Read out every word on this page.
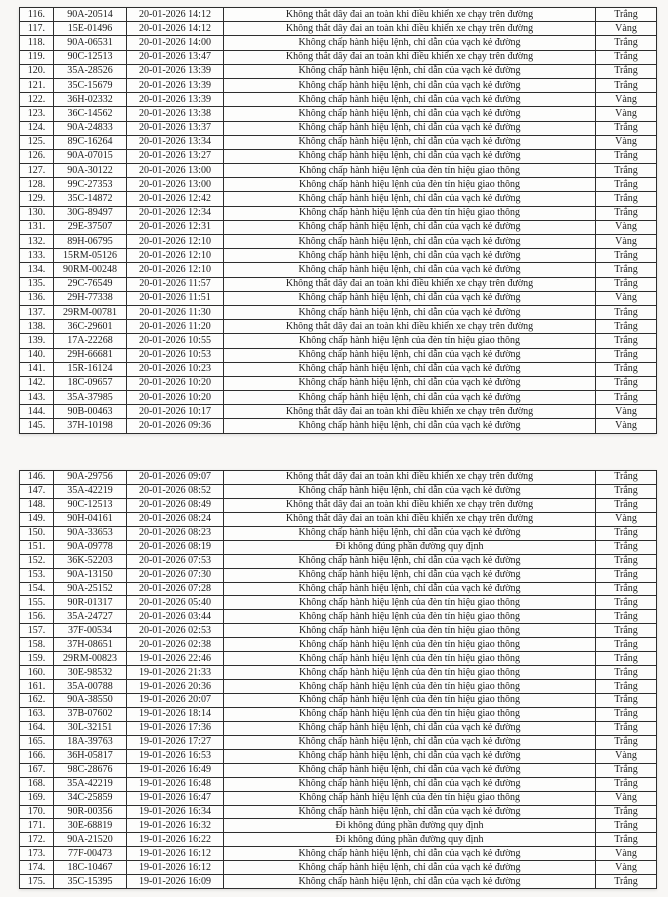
116.	90A-20514	20-01-2026 14:12	Không thắt dây đai an toàn khi điều khiển xe chạy trên đường	Trắng
117.	15E-01496	20-01-2026 14:12	Không thắt dây đai an toàn khi điều khiển xe chạy trên đường	Vàng
118.	90A-06531	20-01-2026 14:00	Không chấp hành hiệu lệnh, chỉ dẫn của vạch kẻ đường	Trắng
119.	90C-12513	20-01-2026 13:47	Không thắt dây đai an toàn khi điều khiển xe chạy trên đường	Trắng
120.	35A-28526	20-01-2026 13:39	Không chấp hành hiệu lệnh, chỉ dẫn của vạch kẻ đường	Trắng
121.	35C-15679	20-01-2026 13:39	Không chấp hành hiệu lệnh, chỉ dẫn của vạch kẻ đường	Trắng
122.	36H-02332	20-01-2026 13:39	Không chấp hành hiệu lệnh, chỉ dẫn của vạch kẻ đường	Vàng
123.	36C-14562	20-01-2026 13:38	Không chấp hành hiệu lệnh, chỉ dẫn của vạch kẻ đường	Vàng
124.	90A-24833	20-01-2026 13:37	Không chấp hành hiệu lệnh, chỉ dẫn của vạch kẻ đường	Trắng
125.	89C-16264	20-01-2026 13:34	Không chấp hành hiệu lệnh, chỉ dẫn của vạch kẻ đường	Vàng
126.	90A-07015	20-01-2026 13:27	Không chấp hành hiệu lệnh, chỉ dẫn của vạch kẻ đường	Trắng
127.	90A-30122	20-01-2026 13:00	Không chấp hành hiệu lệnh của đèn tín hiệu giao thông	Trắng
128.	99C-27353	20-01-2026 13:00	Không chấp hành hiệu lệnh của đèn tín hiệu giao thông	Trắng
129.	35C-14872	20-01-2026 12:42	Không chấp hành hiệu lệnh, chỉ dẫn của vạch kẻ đường	Trắng
130.	30G-89497	20-01-2026 12:34	Không chấp hành hiệu lệnh của đèn tín hiệu giao thông	Trắng
131.	29E-37507	20-01-2026 12:31	Không chấp hành hiệu lệnh, chỉ dẫn của vạch kẻ đường	Vàng
132.	89H-06795	20-01-2026 12:10	Không chấp hành hiệu lệnh, chỉ dẫn của vạch kẻ đường	Vàng
133.	15RM-05126	20-01-2026 12:10	Không chấp hành hiệu lệnh, chỉ dẫn của vạch kẻ đường	Trắng
134.	90RM-00248	20-01-2026 12:10	Không chấp hành hiệu lệnh, chỉ dẫn của vạch kẻ đường	Trắng
135.	29C-76549	20-01-2026 11:57	Không thắt dây đai an toàn khi điều khiển xe chạy trên đường	Trắng
136.	29H-77338	20-01-2026 11:51	Không chấp hành hiệu lệnh, chỉ dẫn của vạch kẻ đường	Vàng
137.	29RM-00781	20-01-2026 11:30	Không chấp hành hiệu lệnh, chỉ dẫn của vạch kẻ đường	Trắng
138.	36C-29601	20-01-2026 11:20	Không thắt dây đai an toàn khi điều khiển xe chạy trên đường	Trắng
139.	17A-22268	20-01-2026 10:55	Không chấp hành hiệu lệnh của đèn tín hiệu giao thông	Trắng
140.	29H-66681	20-01-2026 10:53	Không chấp hành hiệu lệnh, chỉ dẫn của vạch kẻ đường	Trắng
141.	15R-16124	20-01-2026 10:23	Không chấp hành hiệu lệnh, chỉ dẫn của vạch kẻ đường	Trắng
142.	18C-09657	20-01-2026 10:20	Không chấp hành hiệu lệnh, chỉ dẫn của vạch kẻ đường	Trắng
143.	35A-37985	20-01-2026 10:20	Không chấp hành hiệu lệnh, chỉ dẫn của vạch kẻ đường	Trắng
144.	90B-00463	20-01-2026 10:17	Không thắt dây đai an toàn khi điều khiển xe chạy trên đường	Vàng
145.	37H-10198	20-01-2026 09:36	Không chấp hành hiệu lệnh, chỉ dẫn của vạch kẻ đường	Vàng
146.	90A-29756	20-01-2026 09:07	Không thắt dây đai an toàn khi điều khiển xe chạy trên đường	Trắng
147.	35A-42219	20-01-2026 08:52	Không chấp hành hiệu lệnh, chỉ dẫn của vạch kẻ đường	Trắng
148.	90C-12513	20-01-2026 08:49	Không thắt dây đai an toàn khi điều khiển xe chạy trên đường	Trắng
149.	90H-04161	20-01-2026 08:24	Không thắt dây đai an toàn khi điều khiển xe chạy trên đường	Vàng
150.	90A-33653	20-01-2026 08:23	Không chấp hành hiệu lệnh, chỉ dẫn của vạch kẻ đường	Trắng
151.	90A-09778	20-01-2026 08:19	Đi không đúng phần đường quy định	Trắng
152.	36K-52203	20-01-2026 07:53	Không chấp hành hiệu lệnh, chỉ dẫn của vạch kẻ đường	Trắng
153.	90A-13150	20-01-2026 07:30	Không chấp hành hiệu lệnh, chỉ dẫn của vạch kẻ đường	Trắng
154.	90A-25152	20-01-2026 07:28	Không chấp hành hiệu lệnh, chỉ dẫn của vạch kẻ đường	Trắng
155.	90R-01317	20-01-2026 05:40	Không chấp hành hiệu lệnh của đèn tín hiệu giao thông	Trắng
156.	35A-24727	20-01-2026 03:44	Không chấp hành hiệu lệnh của đèn tín hiệu giao thông	Trắng
157.	37F-00534	20-01-2026 02:53	Không chấp hành hiệu lệnh của đèn tín hiệu giao thông	Trắng
158.	37H-08651	20-01-2026 02:38	Không chấp hành hiệu lệnh của đèn tín hiệu giao thông	Trắng
159.	29RM-00823	19-01-2026 22:46	Không chấp hành hiệu lệnh của đèn tín hiệu giao thông	Trắng
160.	30E-98532	19-01-2026 21:33	Không chấp hành hiệu lệnh của đèn tín hiệu giao thông	Trắng
161.	35A-00788	19-01-2026 20:36	Không chấp hành hiệu lệnh của đèn tín hiệu giao thông	Trắng
162.	90A-38550	19-01-2026 20:07	Không chấp hành hiệu lệnh của đèn tín hiệu giao thông	Trắng
163.	37B-07602	19-01-2026 18:14	Không chấp hành hiệu lệnh của đèn tín hiệu giao thông	Trắng
164.	30L-32151	19-01-2026 17:36	Không chấp hành hiệu lệnh, chỉ dẫn của vạch kẻ đường	Trắng
165.	18A-39763	19-01-2026 17:27	Không chấp hành hiệu lệnh, chỉ dẫn của vạch kẻ đường	Trắng
166.	36H-05817	19-01-2026 16:53	Không chấp hành hiệu lệnh, chỉ dẫn của vạch kẻ đường	Vàng
167.	98C-28676	19-01-2026 16:49	Không chấp hành hiệu lệnh, chỉ dẫn của vạch kẻ đường	Trắng
168.	35A-42219	19-01-2026 16:48	Không chấp hành hiệu lệnh, chỉ dẫn của vạch kẻ đường	Trắng
169.	34C-25859	19-01-2026 16:47	Không chấp hành hiệu lệnh của đèn tín hiệu giao thông	Vàng
170.	90R-00356	19-01-2026 16:34	Không chấp hành hiệu lệnh, chỉ dẫn của vạch kẻ đường	Trắng
171.	30E-68819	19-01-2026 16:32	Đi không đúng phần đường quy định	Trắng
172.	90A-21520	19-01-2026 16:22	Đi không đúng phần đường quy định	Trắng
173.	77F-00473	19-01-2026 16:12	Không chấp hành hiệu lệnh, chỉ dẫn của vạch kẻ đường	Vàng
174.	18C-10467	19-01-2026 16:12	Không chấp hành hiệu lệnh, chỉ dẫn của vạch kẻ đường	Vàng
175.	35C-15395	19-01-2026 16:09	Không chấp hành hiệu lệnh, chỉ dẫn của vạch kẻ đường	Trắng
